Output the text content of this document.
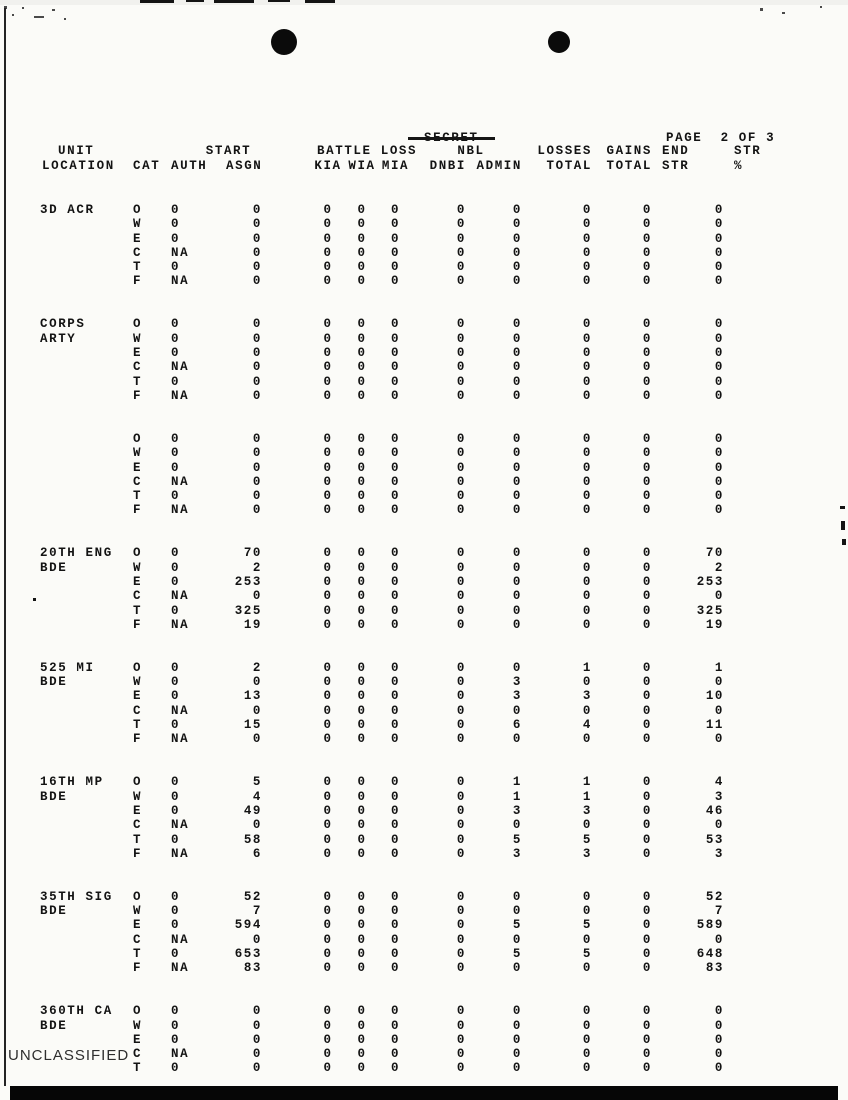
PAGE  2 OF 3
UNIT		START		BATTLE LOSS				NBL		LOSSES	GAINS	END	STR
LOCATION	CAT	AUTH	ASGN		KIA	WIA	MIA	DNBI	ADMIN	TOTAL	TOTAL	STR	%

3D ACR	O	0	0		0	0	0	0	0	0	0	0	
	W	0	0		0	0	0	0	0	0	0	0	
	E	0	0		0	0	0	0	0	0	0	0	
	C	NA	0		0	0	0	0	0	0	0	0	
	T	0	0		0	0	0	0	0	0	0	0	
	F	NA	0		0	0	0	0	0	0	0	0	

CORPS	O	0	0		0	0	0	0	0	0	0	0	
ARTY	W	0	0		0	0	0	0	0	0	0	0	
	E	0	0		0	0	0	0	0	0	0	0	
	C	NA	0		0	0	0	0	0	0	0	0	
	T	0	0		0	0	0	0	0	0	0	0	
	F	NA	0		0	0	0	0	0	0	0	0	

	O	0	0		0	0	0	0	0	0	0	0	
	W	0	0		0	0	0	0	0	0	0	0	
	E	0	0		0	0	0	0	0	0	0	0	
	C	NA	0		0	0	0	0	0	0	0	0	
	T	0	0		0	0	0	0	0	0	0	0	
	F	NA	0		0	0	0	0	0	0	0	0	

20TH ENG	O	0	70		0	0	0	0	0	0	0	70	
BDE	W	0	2		0	0	0	0	0	0	0	2	
	E	0	253		0	0	0	0	0	0	0	253	
	C	NA	0		0	0	0	0	0	0	0	0	
	T	0	325		0	0	0	0	0	0	0	325	
	F	NA	19		0	0	0	0	0	0	0	19	

525 MI	O	0	2		0	0	0	0	0	1	0	1	
BDE	W	0	0		0	0	0	0	3	0	0	0	
	E	0	13		0	0	0	0	3	3	0	10	
	C	NA	0		0	0	0	0	0	0	0	0	
	T	0	15		0	0	0	0	6	4	0	11	
	F	NA	0		0	0	0	0	0	0	0	0	

16TH MP	O	0	5		0	0	0	0	1	1	0	4	
BDE	W	0	4		0	0	0	0	1	1	0	3	
	E	0	49		0	0	0	0	3	3	0	46	
	C	NA	0		0	0	0	0	0	0	0	0	
	T	0	58		0	0	0	0	5	5	0	53	
	F	NA	6		0	0	0	0	3	3	0	3	

35TH SIG	O	0	52		0	0	0	0	0	0	0	52	
BDE	W	0	7		0	0	0	0	0	0	0	7	
	E	0	594		0	0	0	0	5	5	0	589	
	C	NA	0		0	0	0	0	0	0	0	0	
	T	0	653		0	0	0	0	5	5	0	648	
	F	NA	83		0	0	0	0	0	0	0	83	

360TH CA	O	0	0		0	0	0	0	0	0	0	0	
BDE	W	0	0		0	0	0	0	0	0	0	0	
	E	0	0		0	0	0	0	0	0	0	0	
	C	NA	0		0	0	0	0	0	0	0	0	
	T	0	0		0	0	0	0	0	0	0	0	
UNCLASSIFIED
